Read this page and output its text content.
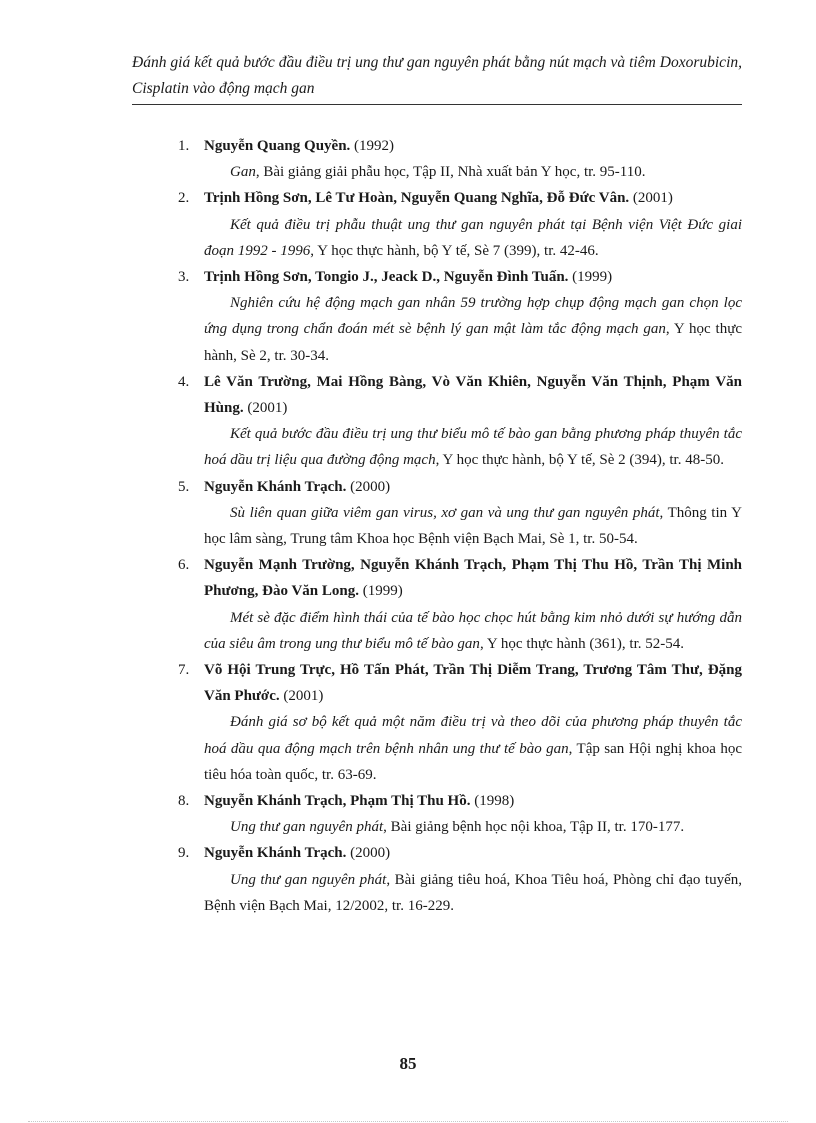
Đánh giá kết quả bước đầu điều trị ung thư gan nguyên phát bằng nút mạch và tiêm Doxorubicin, Cisplatin vào động mạch gan
1. Nguyễn Quang Quyền. (1992)
Gan, Bài giảng giải phẫu học, Tập II, Nhà xuất bản Y học, tr. 95-110.
2. Trịnh Hồng Sơn, Lê Tư Hoàn, Nguyễn Quang Nghĩa, Đỗ Đức Vân. (2001)
Kết quả điều trị phẫu thuật ung thư gan nguyên phát tại Bệnh viện Việt Đức giai đoạn 1992 - 1996, Y học thực hành, bộ Y tế, Sè 7 (399), tr. 42-46.
3. Trịnh Hồng Sơn, Tongio J., Jeack D., Nguyễn Đình Tuấn. (1999)
Nghiên cứu hệ động mạch gan nhân 59 trường hợp chụp động mạch gan chọn lọc ứng dụng trong chẩn đoán mét sè bệnh lý gan mật làm tắc động mạch gan, Y học thực hành, Sè 2, tr. 30-34.
4. Lê Văn Trường, Mai Hồng Bàng, Vò Văn Khiên, Nguyễn Văn Thịnh, Phạm Văn Hùng. (2001)
Kết quả bước đầu điều trị ung thư biểu mô tế bào gan bằng phương pháp thuyên tắc hoá dầu trị liệu qua đường động mạch, Y học thực hành, bộ Y tế, Sè 2 (394), tr. 48-50.
5. Nguyễn Khánh Trạch. (2000)
Sù liên quan giữa viêm gan virus, xơ gan và ung thư gan nguyên phát, Thông tin Y học lâm sàng, Trung tâm Khoa học Bệnh viện Bạch Mai, Sè 1, tr. 50-54.
6. Nguyễn Mạnh Trường, Nguyễn Khánh Trạch, Phạm Thị Thu Hồ, Trần Thị Minh Phương, Đào Văn Long. (1999)
Mét sè đặc điểm hình thái của tế bào học chọc hút bằng kim nhỏ dưới sự hướng dẫn của siêu âm trong ung thư biểu mô tế bào gan, Y học thực hành (361), tr. 52-54.
7. Võ Hội Trung Trực, Hồ Tấn Phát, Trần Thị Diễm Trang, Trương Tâm Thư, Đặng Văn Phước. (2001)
Đánh giá sơ bộ kết quả một năm điều trị và theo dõi của phương pháp thuyên tắc hoá dầu qua động mạch trên bệnh nhân ung thư tế bào gan, Tập san Hội nghị khoa học tiêu hóa toàn quốc, tr. 63-69.
8. Nguyễn Khánh Trạch, Phạm Thị Thu Hồ. (1998)
Ung thư gan nguyên phát, Bài giảng bệnh học nội khoa, Tập II, tr. 170-177.
9. Nguyễn Khánh Trạch. (2000)
Ung thư gan nguyên phát, Bài giảng tiêu hoá, Khoa Tiêu hoá, Phòng chỉ đạo tuyến, Bệnh viện Bạch Mai, 12/2002, tr. 16-229.
85
